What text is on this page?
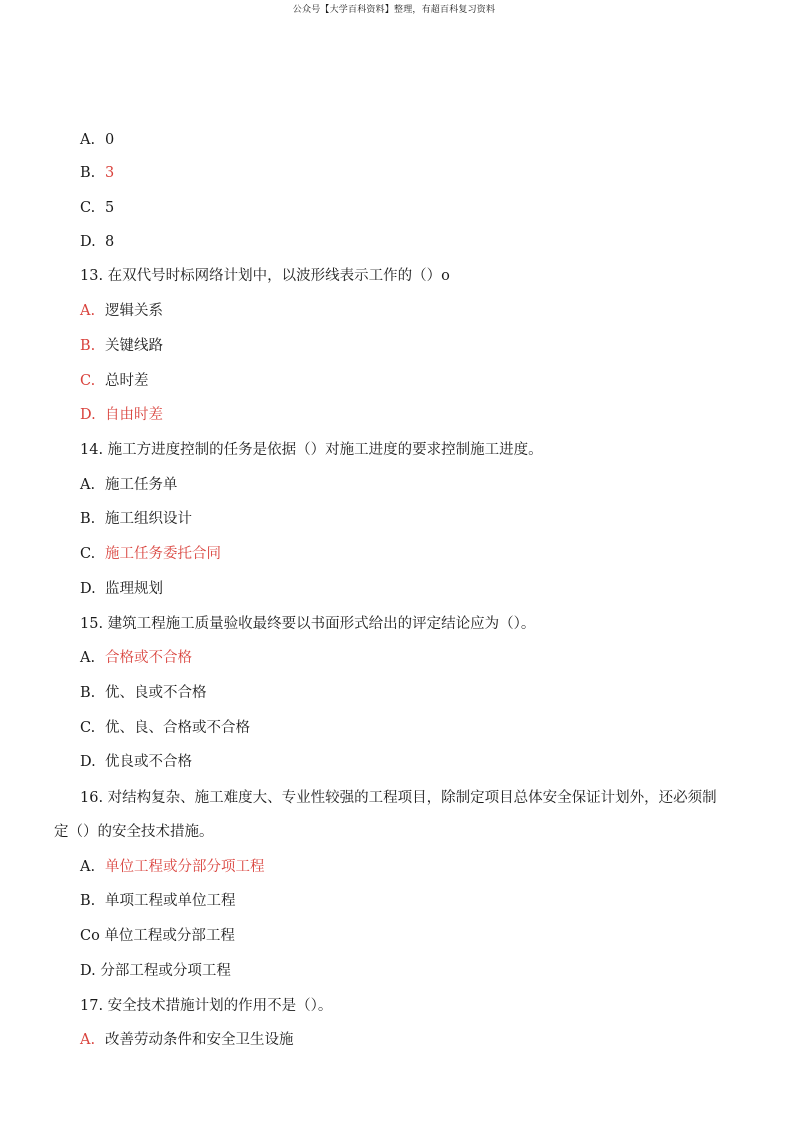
公众号【大学百科资料】整理，有超百科复习资料
A. 0
B. 3
C. 5
D. 8
13. 在双代号时标网络计划中，以波形线表示工作的（）o
A. 逻辑关系
B. 关键线路
C. 总时差
D. 自由时差
14. 施工方进度控制的任务是依据（）对施工进度的要求控制施工进度。
A. 施工任务单
B. 施工组织设计
C. 施工任务委托合同
D. 监理规划
15. 建筑工程施工质量验收最终要以书面形式给出的评定结论应为（）。
A. 合格或不合格
B. 优、良或不合格
C. 优、良、合格或不合格
D. 优良或不合格
16. 对结构复杂、施工难度大、专业性较强的工程项目，除制定项目总体安全保证计划外，还必须制
定（）的安全技术措施。
A. 单位工程或分部分项工程
B. 单项工程或单位工程
Co 单位工程或分部工程
D. 分部工程或分项工程
17. 安全技术措施计划的作用不是（）。
A. 改善劳动条件和安全卫生设施
